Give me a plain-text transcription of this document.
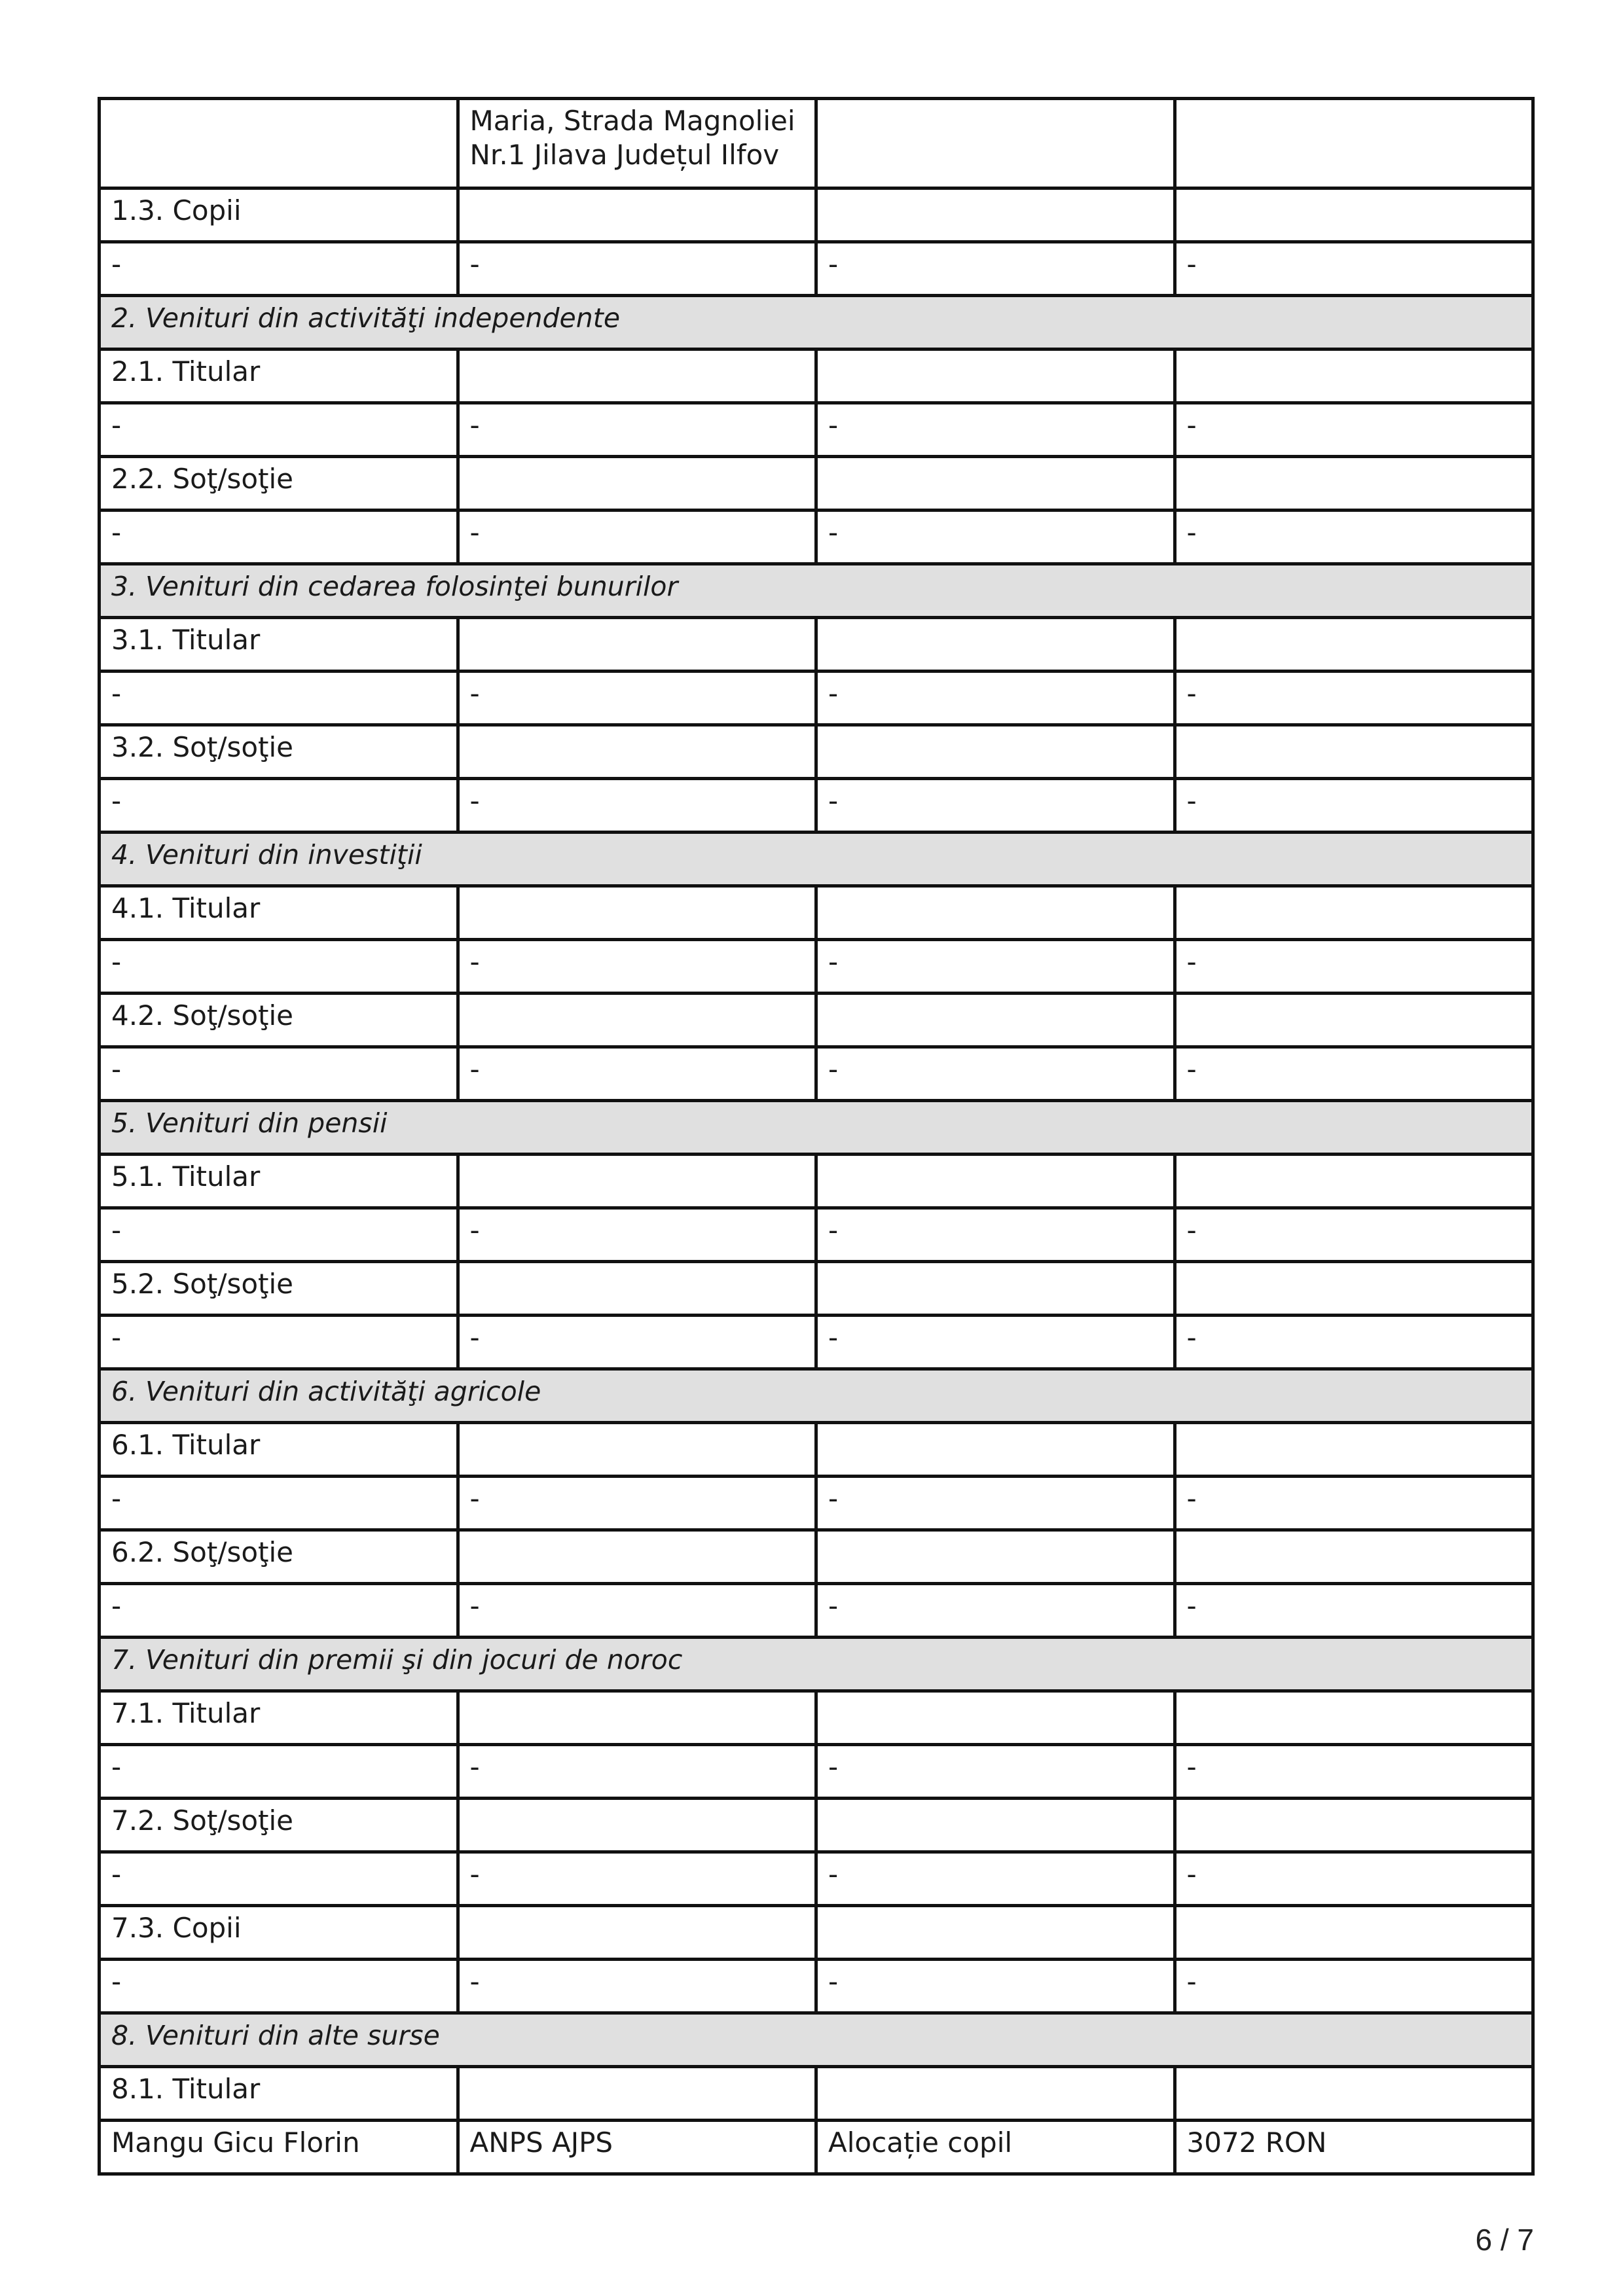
	Maria, Strada Magnoliei
Nr.1 Jilava Județul Ilfov		
1.3. Copii			
-	-	-	-
2. Venituri din activităţi independente			
2.1. Titular			
-	-	-	-
2.2. Soţ/soţie			
-	-	-	-
3. Venituri din cedarea folosinţei bunurilor			
3.1. Titular			
-	-	-	-
3.2. Soţ/soţie			
-	-	-	-
4. Venituri din investiţii			
4.1. Titular			
-	-	-	-
4.2. Soţ/soţie			
-	-	-	-
5. Venituri din pensii			
5.1. Titular			
-	-	-	-
5.2. Soţ/soţie			
-	-	-	-
6. Venituri din activităţi agricole			
6.1. Titular			
-	-	-	-
6.2. Soţ/soţie			
-	-	-	-
7. Venituri din premii şi din jocuri de noroc			
7.1. Titular			
-	-	-	-
7.2. Soţ/soţie			
-	-	-	-
7.3. Copii			
-	-	-	-
8. Venituri din alte surse			
8.1. Titular			
Mangu Gicu Florin	ANPS AJPS	Alocație copil	3072 RON
6 / 7
